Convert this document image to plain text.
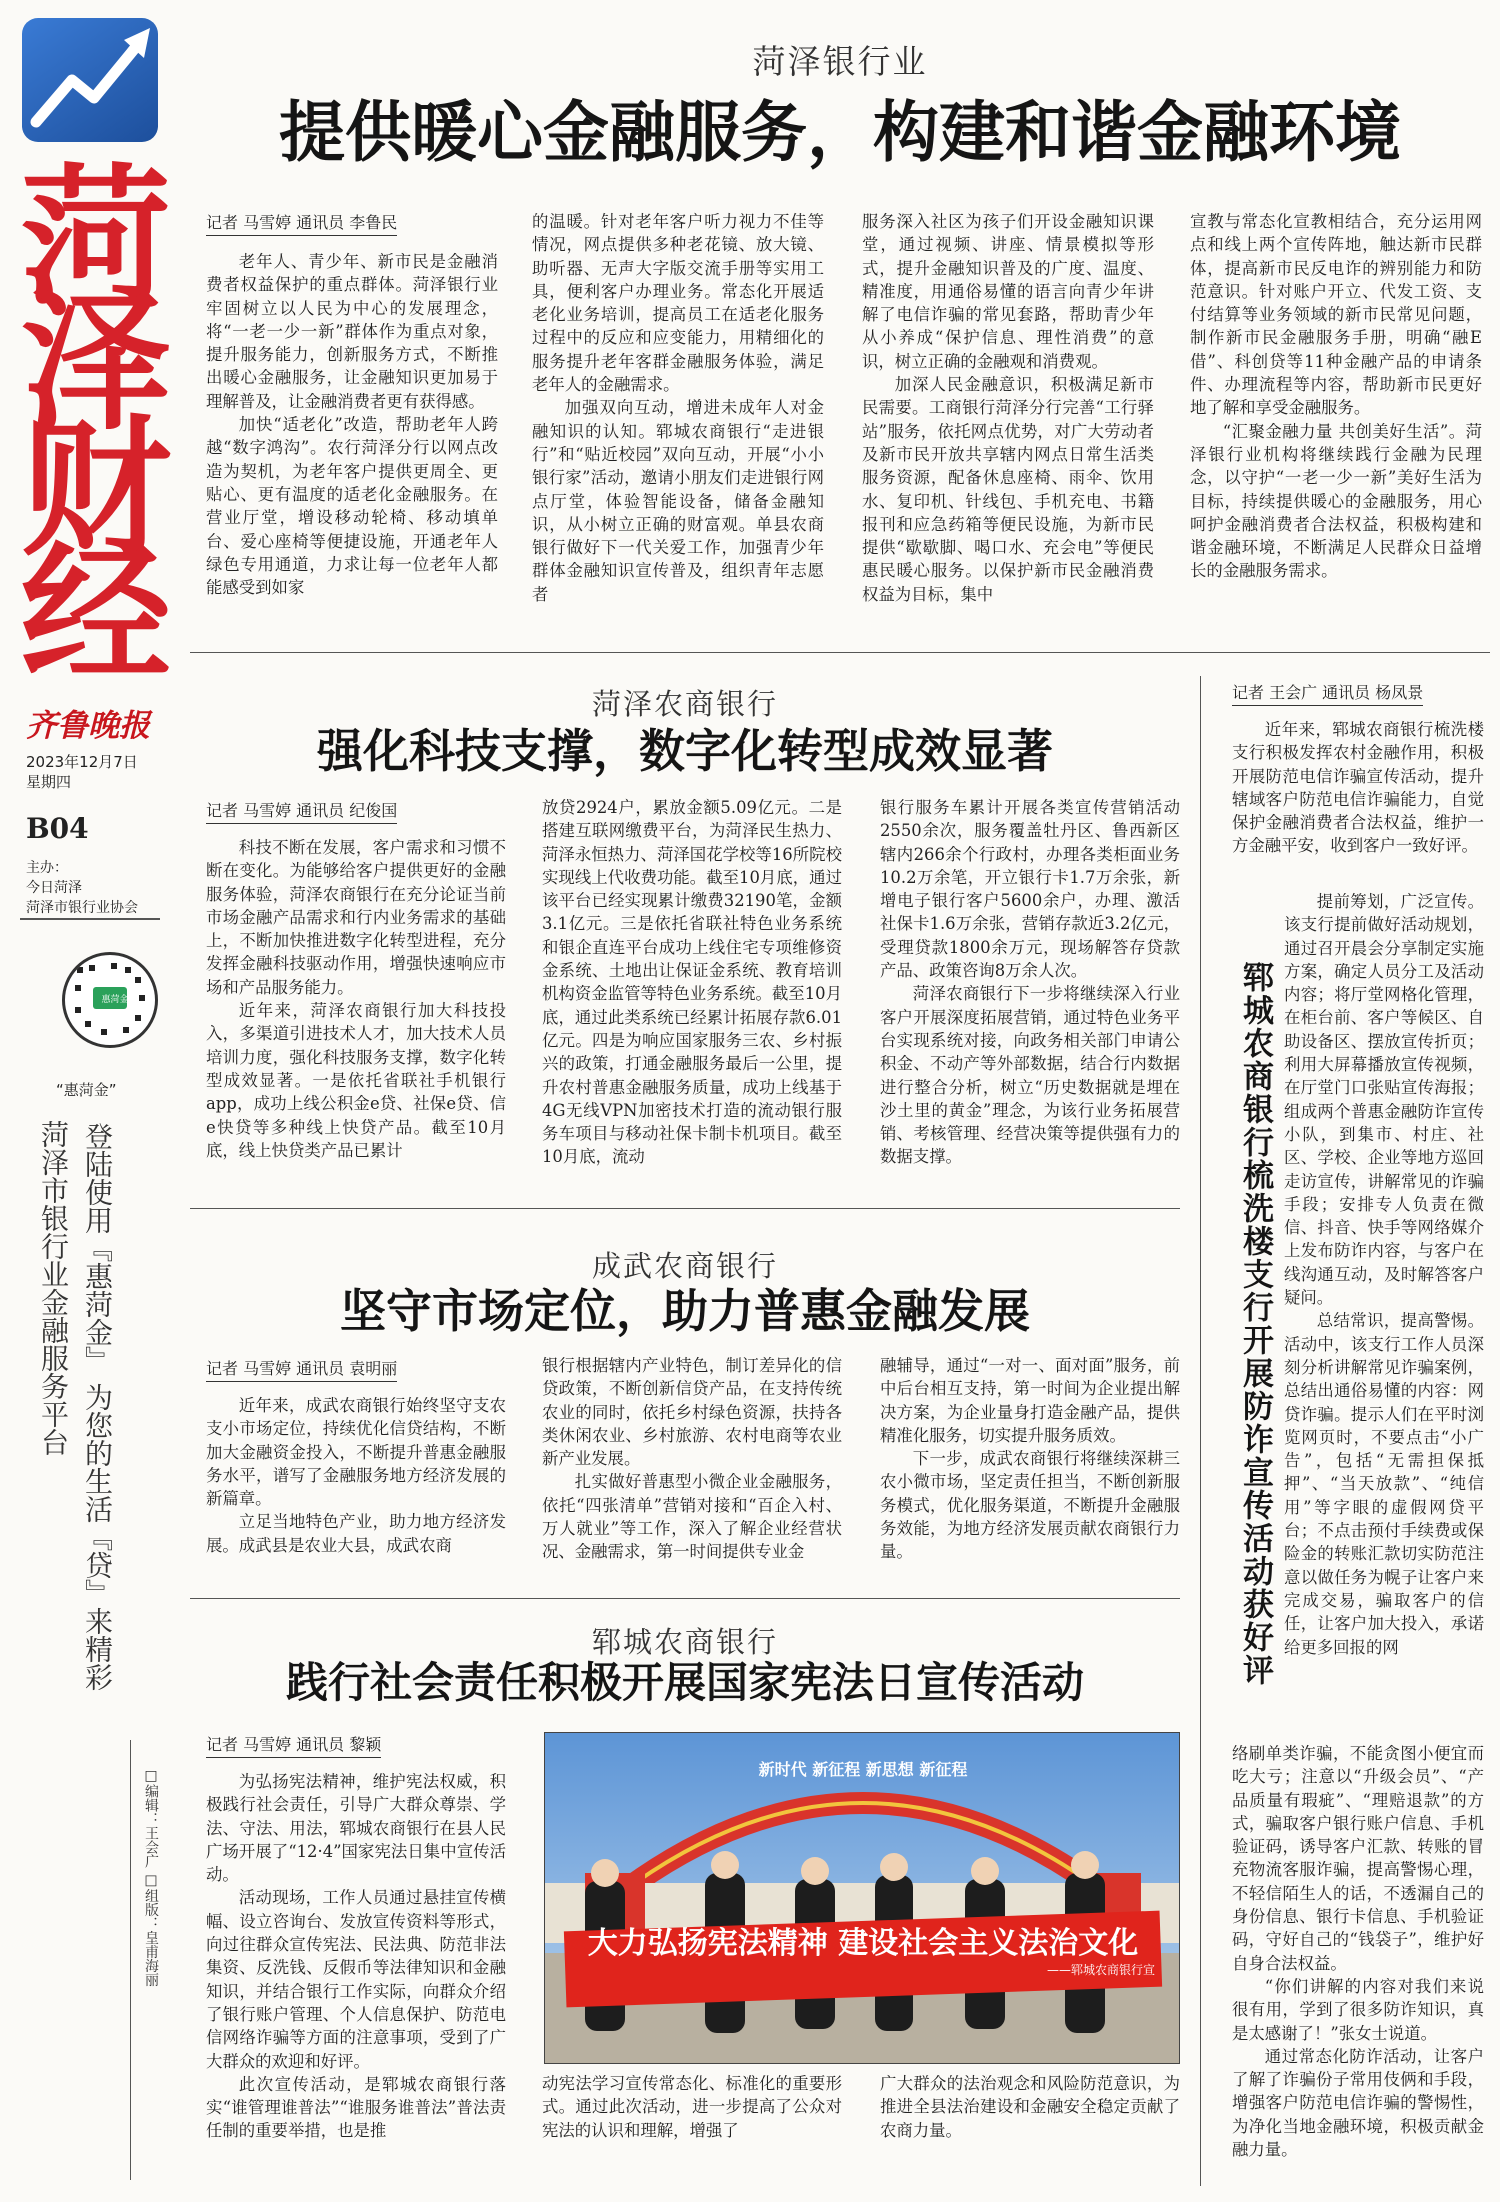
菏
泽
财
经
齐鲁晚报
2023年12月7日
星期四
B04
主办：
今日菏泽
菏泽市银行业协会
惠菏金
“惠菏金”
菏泽市银行业金融服务平台 登陆使用『惠菏金』 为您的生活『贷』来精彩
□编辑：王会广 □组版：皇甫海丽
菏泽银行业
提供暖心金融服务，构建和谐金融环境
记者 马雪婷 通讯员 李鲁民

老年人、青少年、新市民是金融消费者权益保护的重点群体。菏泽银行业牢固树立以人民为中心的发展理念，将“一老一少一新”群体作为重点对象，提升服务能力，创新服务方式，不断推出暖心金融服务，让金融知识更加易于理解普及，让金融消费者更有获得感。

加快“适老化”改造，帮助老年人跨越“数字鸿沟”。农行菏泽分行以网点改造为契机，为老年客户提供更周全、更贴心、更有温度的适老化金融服务。在营业厅堂，增设移动轮椅、移动填单台、爱心座椅等便捷设施，开通老年人绿色专用通道，力求让每一位老年人都能感受到如家

的温暖。针对老年客户听力视力不佳等情况，网点提供多种老花镜、放大镜、助听器、无声大字版交流手册等实用工具，便利客户办理业务。常态化开展适老化业务培训，提高员工在适老化服务过程中的反应和应变能力，用精细化的服务提升老年客群金融服务体验，满足老年人的金融需求。

加强双向互动，增进未成年人对金融知识的认知。郓城农商银行“走进银行”和“贴近校园”双向互动，开展“小小银行家”活动，邀请小朋友们走进银行网点厅堂，体验智能设备，储备金融知识，从小树立正确的财富观。单县农商银行做好下一代关爱工作，加强青少年群体金融知识宣传普及，组织青年志愿者

服务深入社区为孩子们开设金融知识课堂，通过视频、讲座、情景模拟等形式，提升金融知识普及的广度、温度、精准度，用通俗易懂的语言向青少年讲解了电信诈骗的常见套路，帮助青少年从小养成“保护信息、理性消费”的意识，树立正确的金融观和消费观。

加深人民金融意识，积极满足新市民需要。工商银行菏泽分行完善“工行驿站”服务，依托网点优势，对广大劳动者及新市民开放共享辖内网点日常生活类服务资源，配备休息座椅、雨伞、饮用水、复印机、针线包、手机充电、书籍报刊和应急药箱等便民设施，为新市民提供“歇歇脚、喝口水、充会电”等便民惠民暖心服务。以保护新市民金融消费权益为目标，集中

宣教与常态化宣教相结合，充分运用网点和线上两个宣传阵地，触达新市民群体，提高新市民反电诈的辨别能力和防范意识。针对账户开立、代发工资、支付结算等业务领域的新市民常见问题，制作新市民金融服务手册，明确“融E借”、科创贷等11种金融产品的申请条件、办理流程等内容，帮助新市民更好地了解和享受金融服务。

“汇聚金融力量 共创美好生活”。菏泽银行业机构将继续践行金融为民理念，以守护“一老一少一新”美好生活为目标，持续提供暖心的金融服务，用心呵护金融消费者合法权益，积极构建和谐金融环境，不断满足人民群众日益增长的金融服务需求。

菏泽农商银行
强化科技支撑，数字化转型成效显著
记者 马雪婷 通讯员 纪俊国

科技不断在发展，客户需求和习惯不断在变化。为能够给客户提供更好的金融服务体验，菏泽农商银行在充分论证当前市场金融产品需求和行内业务需求的基础上，不断加快推进数字化转型进程，充分发挥金融科技驱动作用，增强快速响应市场和产品服务能力。

近年来，菏泽农商银行加大科技投入，多渠道引进技术人才，加大技术人员培训力度，强化科技服务支撑，数字化转型成效显著。一是依托省联社手机银行app，成功上线公积金e贷、社保e贷、信e快贷等多种线上快贷产品。截至10月底，线上快贷类产品已累计

放贷2924户，累放金额5.09亿元。二是搭建互联网缴费平台，为菏泽民生热力、菏泽永恒热力、菏泽国花学校等16所院校实现线上代收费功能。截至10月底，通过该平台已经实现累计缴费32190笔，金额3.1亿元。三是依托省联社特色业务系统和银企直连平台成功上线住宅专项维修资金系统、土地出让保证金系统、教育培训机构资金监管等特色业务系统。截至10月底，通过此类系统已经累计拓展存款6.01亿元。四是为响应国家服务三农、乡村振兴的政策，打通金融服务最后一公里，提升农村普惠金融服务质量，成功上线基于4G无线VPN加密技术打造的流动银行服务车项目与移动社保卡制卡机项目。截至10月底，流动

银行服务车累计开展各类宣传营销活动2550余次，服务覆盖牡丹区、鲁西新区辖内266余个行政村，办理各类柜面业务10.2万余笔，开立银行卡1.7万余张，新增电子银行客户5600余户，办理、激活社保卡1.6万余张，营销存款近3.2亿元，受理贷款1800余万元，现场解答存贷款产品、政策咨询8万余人次。

菏泽农商银行下一步将继续深入行业客户开展深度拓展营销，通过特色业务平台实现系统对接，向政务相关部门申请公积金、不动产等外部数据，结合行内数据进行整合分析，树立“历史数据就是埋在沙土里的黄金”理念，为该行业务拓展营销、考核管理、经营决策等提供强有力的数据支撑。

成武农商银行
坚守市场定位，助力普惠金融发展
记者 马雪婷 通讯员 袁明丽

近年来，成武农商银行始终坚守支农支小市场定位，持续优化信贷结构，不断加大金融资金投入，不断提升普惠金融服务水平，谱写了金融服务地方经济发展的新篇章。

立足当地特色产业，助力地方经济发展。成武县是农业大县，成武农商

银行根据辖内产业特色，制订差异化的信贷政策，不断创新信贷产品，在支持传统农业的同时，依托乡村绿色资源，扶持各类休闲农业、乡村旅游、农村电商等农业新产业发展。

扎实做好普惠型小微企业金融服务，依托“四张清单”营销对接和“百企入村、万人就业”等工作，深入了解企业经营状况、金融需求，第一时间提供专业金

融辅导，通过“一对一、面对面”服务，前中后台相互支持，第一时间为企业提出解决方案，为企业量身打造金融产品，提供精准化服务，切实提升服务质效。

下一步，成武农商银行将继续深耕三农小微市场，坚定责任担当，不断创新服务模式，优化服务渠道，不断提升金融服务效能，为地方经济发展贡献农商银行力量。

郓城农商银行
践行社会责任积极开展国家宪法日宣传活动
记者 马雪婷 通讯员 黎颖

为弘扬宪法精神，维护宪法权威，积极践行社会责任，引导广大群众尊崇、学法、守法、用法，郓城农商银行在县人民广场开展了“12·4”国家宪法日集中宣传活动。

活动现场，工作人员通过悬挂宣传横幅、设立咨询台、发放宣传资料等形式，向过往群众宣传宪法、民法典、防范非法集资、反洗钱、反假币等法律知识和金融知识，并结合银行工作实际，向群众介绍了银行账户管理、个人信息保护、防范电信网络诈骗等方面的注意事项，受到了广大群众的欢迎和好评。

此次宣传活动，是郓城农商银行落实“谁管理谁普法”“谁服务谁普法”普法责任制的重要举措，也是推

大力弘扬宪法精神 建设社会主义法治文化
——郓城农商银行宣
新时代 新征程 新思想 新征程

动宪法学习宣传常态化、标准化的重要形式。通过此次活动，进一步提高了公众对宪法的认识和理解，增强了

广大群众的法治观念和风险防范意识，为推进全县法治建设和金融安全稳定贡献了农商力量。

记者 王会广 通讯员 杨凤景

近年来，郓城农商银行梳洗楼支行积极发挥农村金融作用，积极开展防范电信诈骗宣传活动，提升辖域客户防范电信诈骗能力，自觉保护金融消费者合法权益，维护一方金融平安，收到客户一致好评。

郓城农商银行梳洗楼支行开展防诈宣传活动获好评

提前筹划，广泛宣传。该支行提前做好活动规划，通过召开晨会分享制定实施方案，确定人员分工及活动内容；将厅堂网格化管理，在柜台前、客户等候区、自助设备区、摆放宣传折页；利用大屏幕播放宣传视频，在厅堂门口张贴宣传海报；组成两个普惠金融防诈宣传小队，到集市、村庄、社区、学校、企业等地方巡回走访宣传，讲解常见的诈骗手段；安排专人负责在微信、抖音、快手等网络媒介上发布防诈内容，与客户在线沟通互动，及时解答客户疑问。

总结常识，提高警惕。活动中，该支行工作人员深刻分析讲解常见诈骗案例，总结出通俗易懂的内容：网贷诈骗。提示人们在平时浏览网页时，不要点击“小广告”，包括“无需担保抵押”、“当天放款”、“纯信用”等字眼的虚假网贷平台；不点击预付手续费或保险金的转账汇款切实防范注意以做任务为幌子让客户来完成交易，骗取客户的信任，让客户加大投入，承诺给更多回报的网

络刷单类诈骗，不能贪图小便宜而吃大亏；注意以“升级会员”、“产品质量有瑕疵”、“理赔退款”的方式，骗取客户银行账户信息、手机验证码，诱导客户汇款、转账的冒充物流客服诈骗，提高警惕心理，不轻信陌生人的话，不透漏自己的身份信息、银行卡信息、手机验证码，守好自己的“钱袋子”，维护好自身合法权益。

“你们讲解的内容对我们来说很有用，学到了很多防诈知识，真是太感谢了！”张女士说道。

通过常态化防诈活动，让客户了解了诈骗份子常用伎俩和手段，增强客户防范电信诈骗的警惕性，为净化当地金融环境，积极贡献金融力量。
